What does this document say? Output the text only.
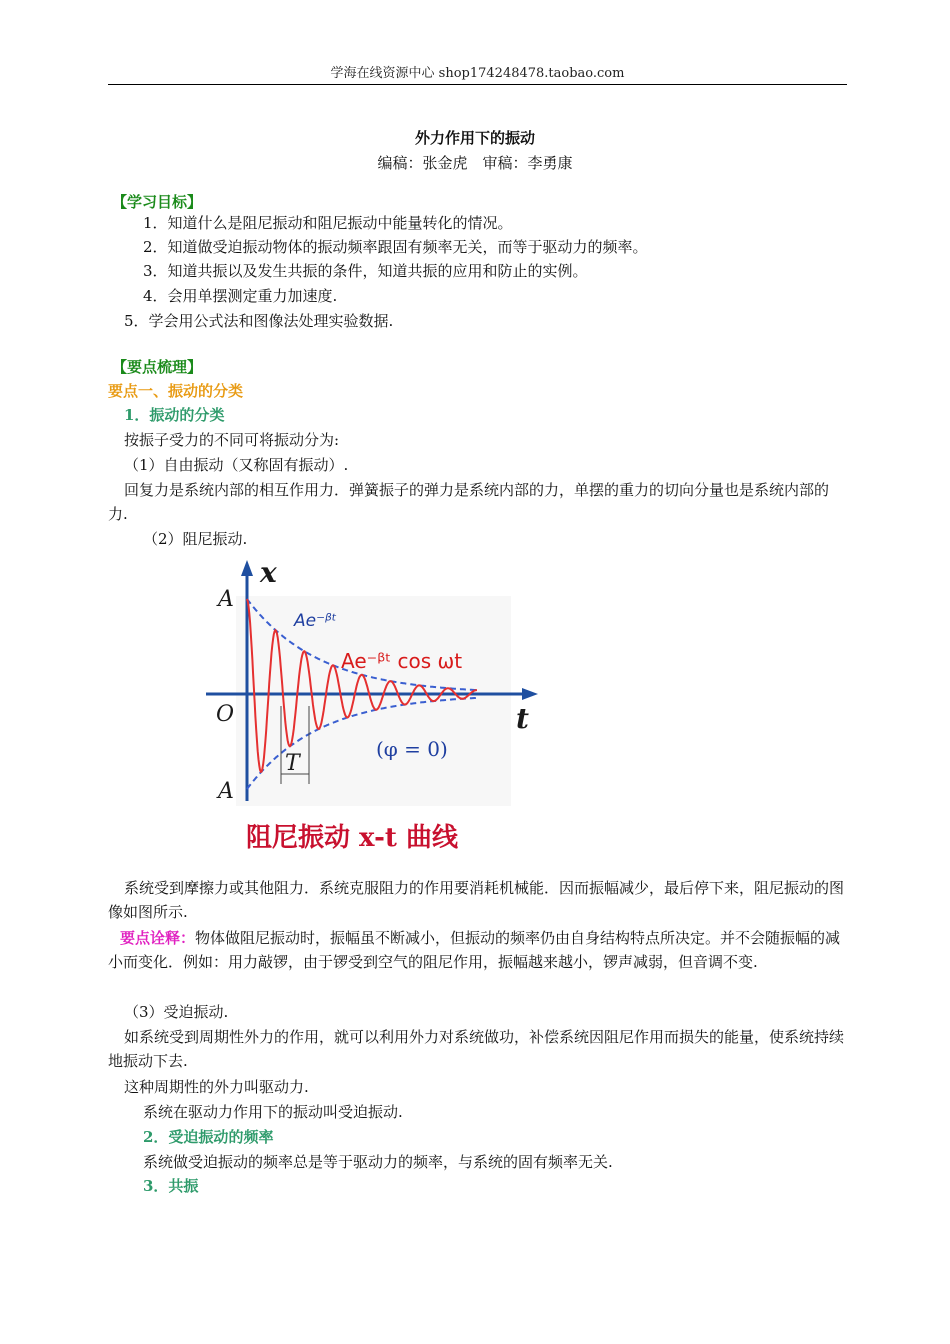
学海在线资源中心 shop174248478.taobao.com
外力作用下的振动
编稿：张金虎　审稿：李勇康
【学习目标】
1．知道什么是阻尼振动和阻尼振动中能量转化的情况。
2．知道做受迫振动物体的振动频率跟固有频率无关，而等于驱动力的频率。
3．知道共振以及发生共振的条件，知道共振的应用和防止的实例。
4．会用单摆测定重力加速度.
5．学会用公式法和图像法处理实验数据.
【要点梳理】
要点一、振动的分类
1．振动的分类
按振子受力的不同可将振动分为:
（1）自由振动（又称固有振动）.
回复力是系统内部的相互作用力．弹簧振子的弹力是系统内部的力，单摆的重力的切向分量也是系统内部的力.
（2）阻尼振动.
x
t
A
O
A
T
Ae⁻ᵝᵗ
Ae⁻ᵝᵗ cos ωt
(φ = 0)
阻尼振动 x-t 曲线
系统受到摩擦力或其他阻力．系统克服阻力的作用要消耗机械能．因而振幅减少，最后停下来，阻尼振动的图像如图所示.
要点诠释：物体做阻尼振动时，振幅虽不断减小，但振动的频率仍由自身结构特点所决定。并不会随振幅的减小而变化．例如：用力敲锣，由于锣受到空气的阻尼作用，振幅越来越小，锣声减弱，但音调不变.
（3）受迫振动.
如系统受到周期性外力的作用，就可以利用外力对系统做功，补偿系统因阻尼作用而损失的能量，使系统持续地振动下去.
这种周期性的外力叫驱动力.
系统在驱动力作用下的振动叫受迫振动.
2．受迫振动的频率
系统做受迫振动的频率总是等于驱动力的频率，与系统的固有频率无关.
3．共振
